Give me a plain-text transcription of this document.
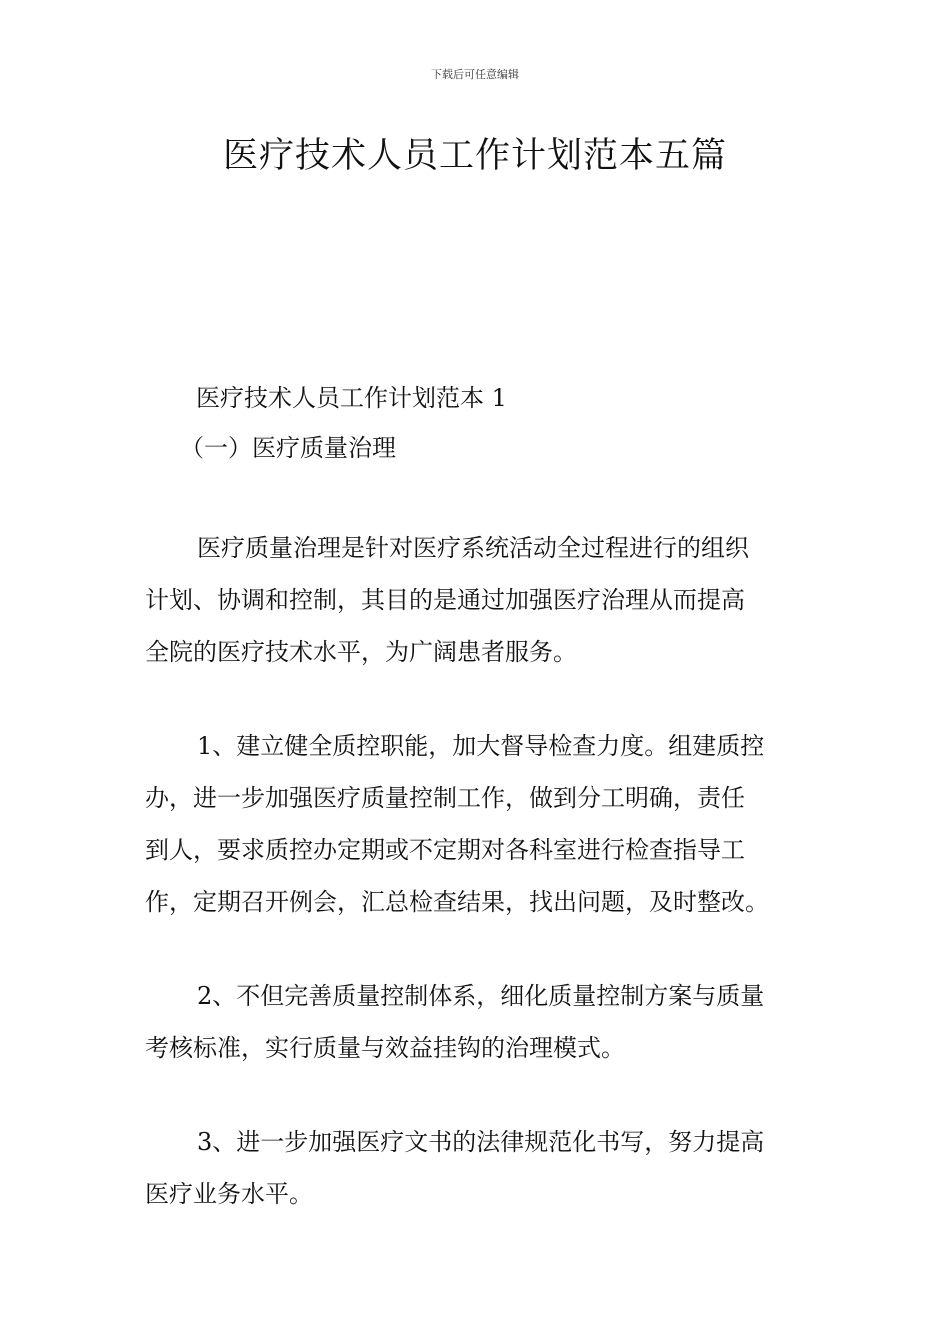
下载后可任意编辑
医疗技术人员工作计划范本五篇

医疗技术人员工作计划范本 1

（一）医疗质量治理

医疗质量治理是针对医疗系统活动全过程进行的组织
计划、协调和控制，其目的是通过加强医疗治理从而提高
全院的医疗技术水平，为广阔患者服务。
1、建立健全质控职能，加大督导检查力度。组建质控
办，进一步加强医疗质量控制工作，做到分工明确，责任
到人，要求质控办定期或不定期对各科室进行检查指导工
作，定期召开例会，汇总检查结果，找出问题，及时整改。
2、不但完善质量控制体系，细化质量控制方案与质量
考核标准，实行质量与效益挂钩的治理模式。
3、进一步加强医疗文书的法律规范化书写，努力提高
医疗业务水平。
